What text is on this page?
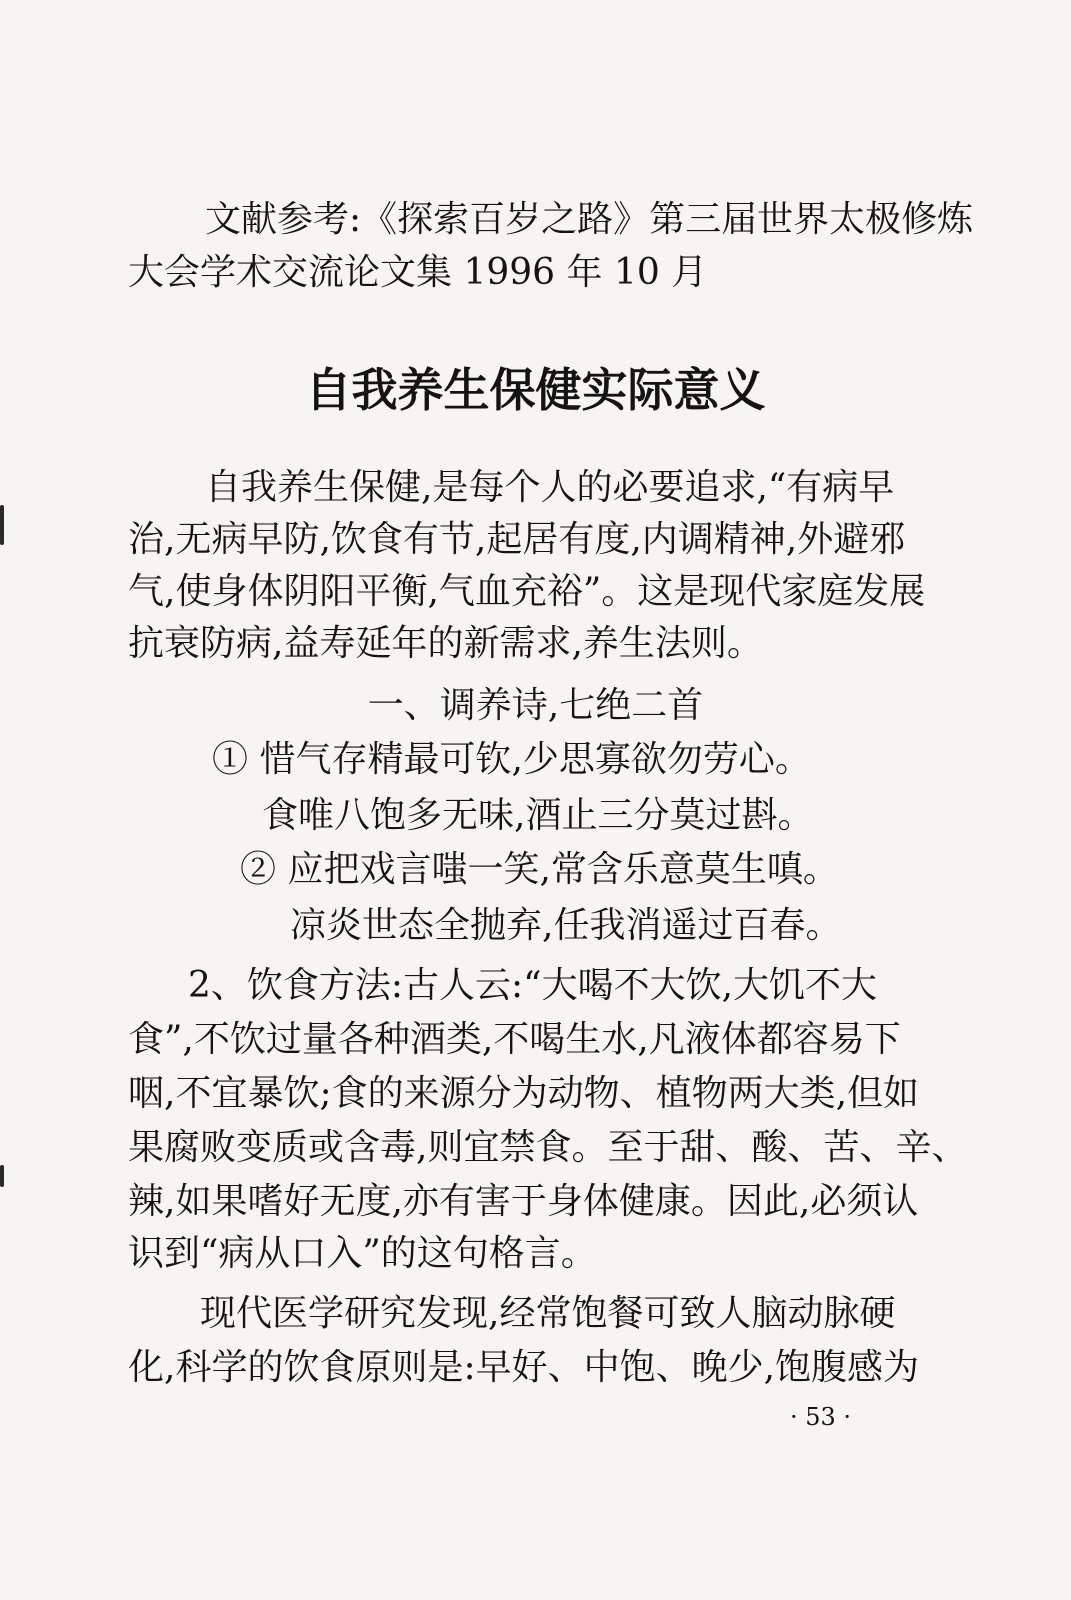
文献参考:《探索百岁之路》第三届世界太极修炼
大会学术交流论文集 1996 年 10 月
自我养生保健实际意义
自我养生保健,是每个人的必要追求,“有病早
治,无病早防,饮食有节,起居有度,内调精神,外避邪
气,使身体阴阳平衡,气血充裕”。这是现代家庭发展
抗衰防病,益寿延年的新需求,养生法则。
一、调养诗,七绝二首
① 惜气存精最可钦,少思寡欲勿劳心。
食唯八饱多无味,酒止三分莫过斟。
② 应把戏言嗤一笑,常含乐意莫生嗔。
凉炎世态全抛弃,任我消遥过百春。
2、饮食方法:古人云:“大喝不大饮,大饥不大
食”,不饮过量各种酒类,不喝生水,凡液体都容易下
咽,不宜暴饮;食的来源分为动物、植物两大类,但如
果腐败变质或含毒,则宜禁食。至于甜、酸、苦、辛、
辣,如果嗜好无度,亦有害于身体健康。因此,必须认
识到“病从口入”的这句格言。
现代医学研究发现,经常饱餐可致人脑动脉硬
化,科学的饮食原则是:早好、中饱、晚少,饱腹感为
· 53 ·
